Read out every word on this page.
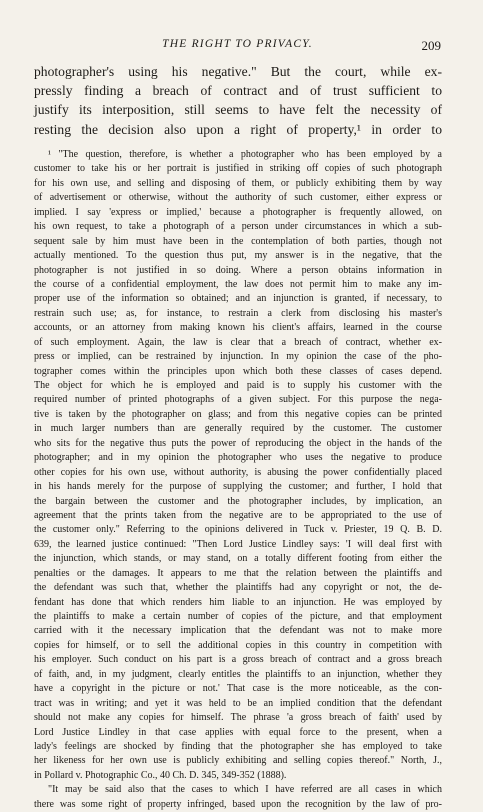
THE RIGHT TO PRIVACY.	209
photographer's using his negative." But the court, while ex-
pressly finding a breach of contract and of trust sufficient to
justify its interposition, still seems to have felt the necessity of
resting the decision also upon a right of property,¹ in order to
¹ "The question, therefore, is whether a photographer who has been employed by a
customer to take his or her portrait is justified in striking off copies of such photograph
for his own use, and selling and disposing of them, or publicly exhibiting them by way
of advertisement or otherwise, without the authority of such customer, either express or
implied. I say 'express or implied,' because a photographer is frequently allowed, on
his own request, to take a photograph of a person under circumstances in which a sub-
sequent sale by him must have been in the contemplation of both parties, though not
actually mentioned. To the question thus put, my answer is in the negative, that the
photographer is not justified in so doing. Where a person obtains information in
the course of a confidential employment, the law does not permit him to make any im-
proper use of the information so obtained; and an injunction is granted, if necessary, to
restrain such use; as, for instance, to restrain a clerk from disclosing his master's
accounts, or an attorney from making known his client's affairs, learned in the course
of such employment. Again, the law is clear that a breach of contract, whether ex-
press or implied, can be restrained by injunction. In my opinion the case of the pho-
tographer comes within the principles upon which both these classes of cases depend.
The object for which he is employed and paid is to supply his customer with the
required number of printed photographs of a given subject. For this purpose the nega-
tive is taken by the photographer on glass; and from this negative copies can be printed
in much larger numbers than are generally required by the customer. The customer
who sits for the negative thus puts the power of reproducing the object in the hands of the
photographer; and in my opinion the photographer who uses the negative to produce
other copies for his own use, without authority, is abusing the power confidentially placed
in his hands merely for the purpose of supplying the customer; and further, I hold that
the bargain between the customer and the photographer includes, by implication, an
agreement that the prints taken from the negative are to be appropriated to the use of
the customer only." Referring to the opinions delivered in Tuck v. Priester, 19 Q. B. D.
639, the learned justice continued: "Then Lord Justice Lindley says: 'I will deal first with
the injunction, which stands, or may stand, on a totally different footing from either the
penalties or the damages. It appears to me that the relation between the plaintiffs and
the defendant was such that, whether the plaintiffs had any copyright or not, the de-
fendant has done that which renders him liable to an injunction. He was employed by
the plaintiffs to make a certain number of copies of the picture, and that employment
carried with it the necessary implication that the defendant was not to make more
copies for himself, or to sell the additional copies in this country in competition with
his employer. Such conduct on his part is a gross breach of contract and a gross breach
of faith, and, in my judgment, clearly entitles the plaintiffs to an injunction, whether they
have a copyright in the picture or not.' That case is the more noticeable, as the con-
tract was in writing; and yet it was held to be an implied condition that the defendant
should not make any copies for himself. The phrase 'a gross breach of faith' used by
Lord Justice Lindley in that case applies with equal force to the present, when a
lady's feelings are shocked by finding that the photographer she has employed to take
her likeness for her own use is publicly exhibiting and selling copies thereof." North, J.,
in Pollard v. Photographic Co., 40 Ch. D. 345, 349-352 (1888).
"It may be said also that the cases to which I have referred are all cases in which
there was some right of property infringed, based upon the recognition by the law of pro-
